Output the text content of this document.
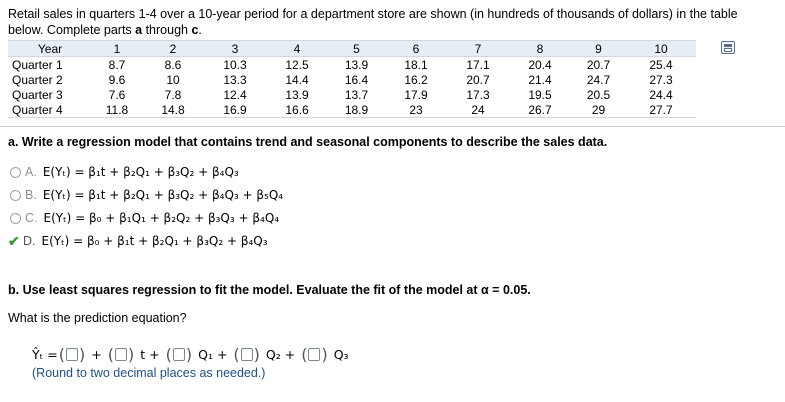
Retail sales in quarters 1-4 over a 10-year period for a department store are shown (in hundreds of thousands of dollars) in the table
below. Complete parts a through c.
Year	1	2	3	4	5	6	7	8	9	10
Quarter 1	8.7	8.6	10.3	12.5	13.9	18.1	17.1	20.4	20.7	25.4
Quarter 2	9.6	10	13.3	14.4	16.4	16.2	20.7	21.4	24.7	27.3
Quarter 3	7.6	7.8	12.4	13.9	13.7	17.9	17.3	19.5	20.5	24.4
Quarter 4	11.8	14.8	16.9	16.6	18.9	23	24	26.7	29	27.7
a. Write a regression model that contains trend and seasonal components to describe the sales data.
A. E(Yₜ) = β₁t + β₂Q₁ + β₃Q₂ + β₄Q₃
B. E(Yₜ) = β₁t + β₂Q₁ + β₃Q₂ + β₄Q₃ + β₅Q₄
C. E(Yₜ) = β₀ + β₁Q₁ + β₂Q₂ + β₃Q₃ + β₄Q₄
✔ D. E(Yₜ) = β₀ + β₁t + β₂Q₁ + β₃Q₂ + β₄Q₃
b. Use least squares regression to fit the model. Evaluate the fit of the model at α = 0.05.
What is the prediction equation?
Ŷₜ = ( ) + ( ) t + ( ) Q₁ + ( ) Q₂ + ( ) Q₃
(Round to two decimal places as needed.)
